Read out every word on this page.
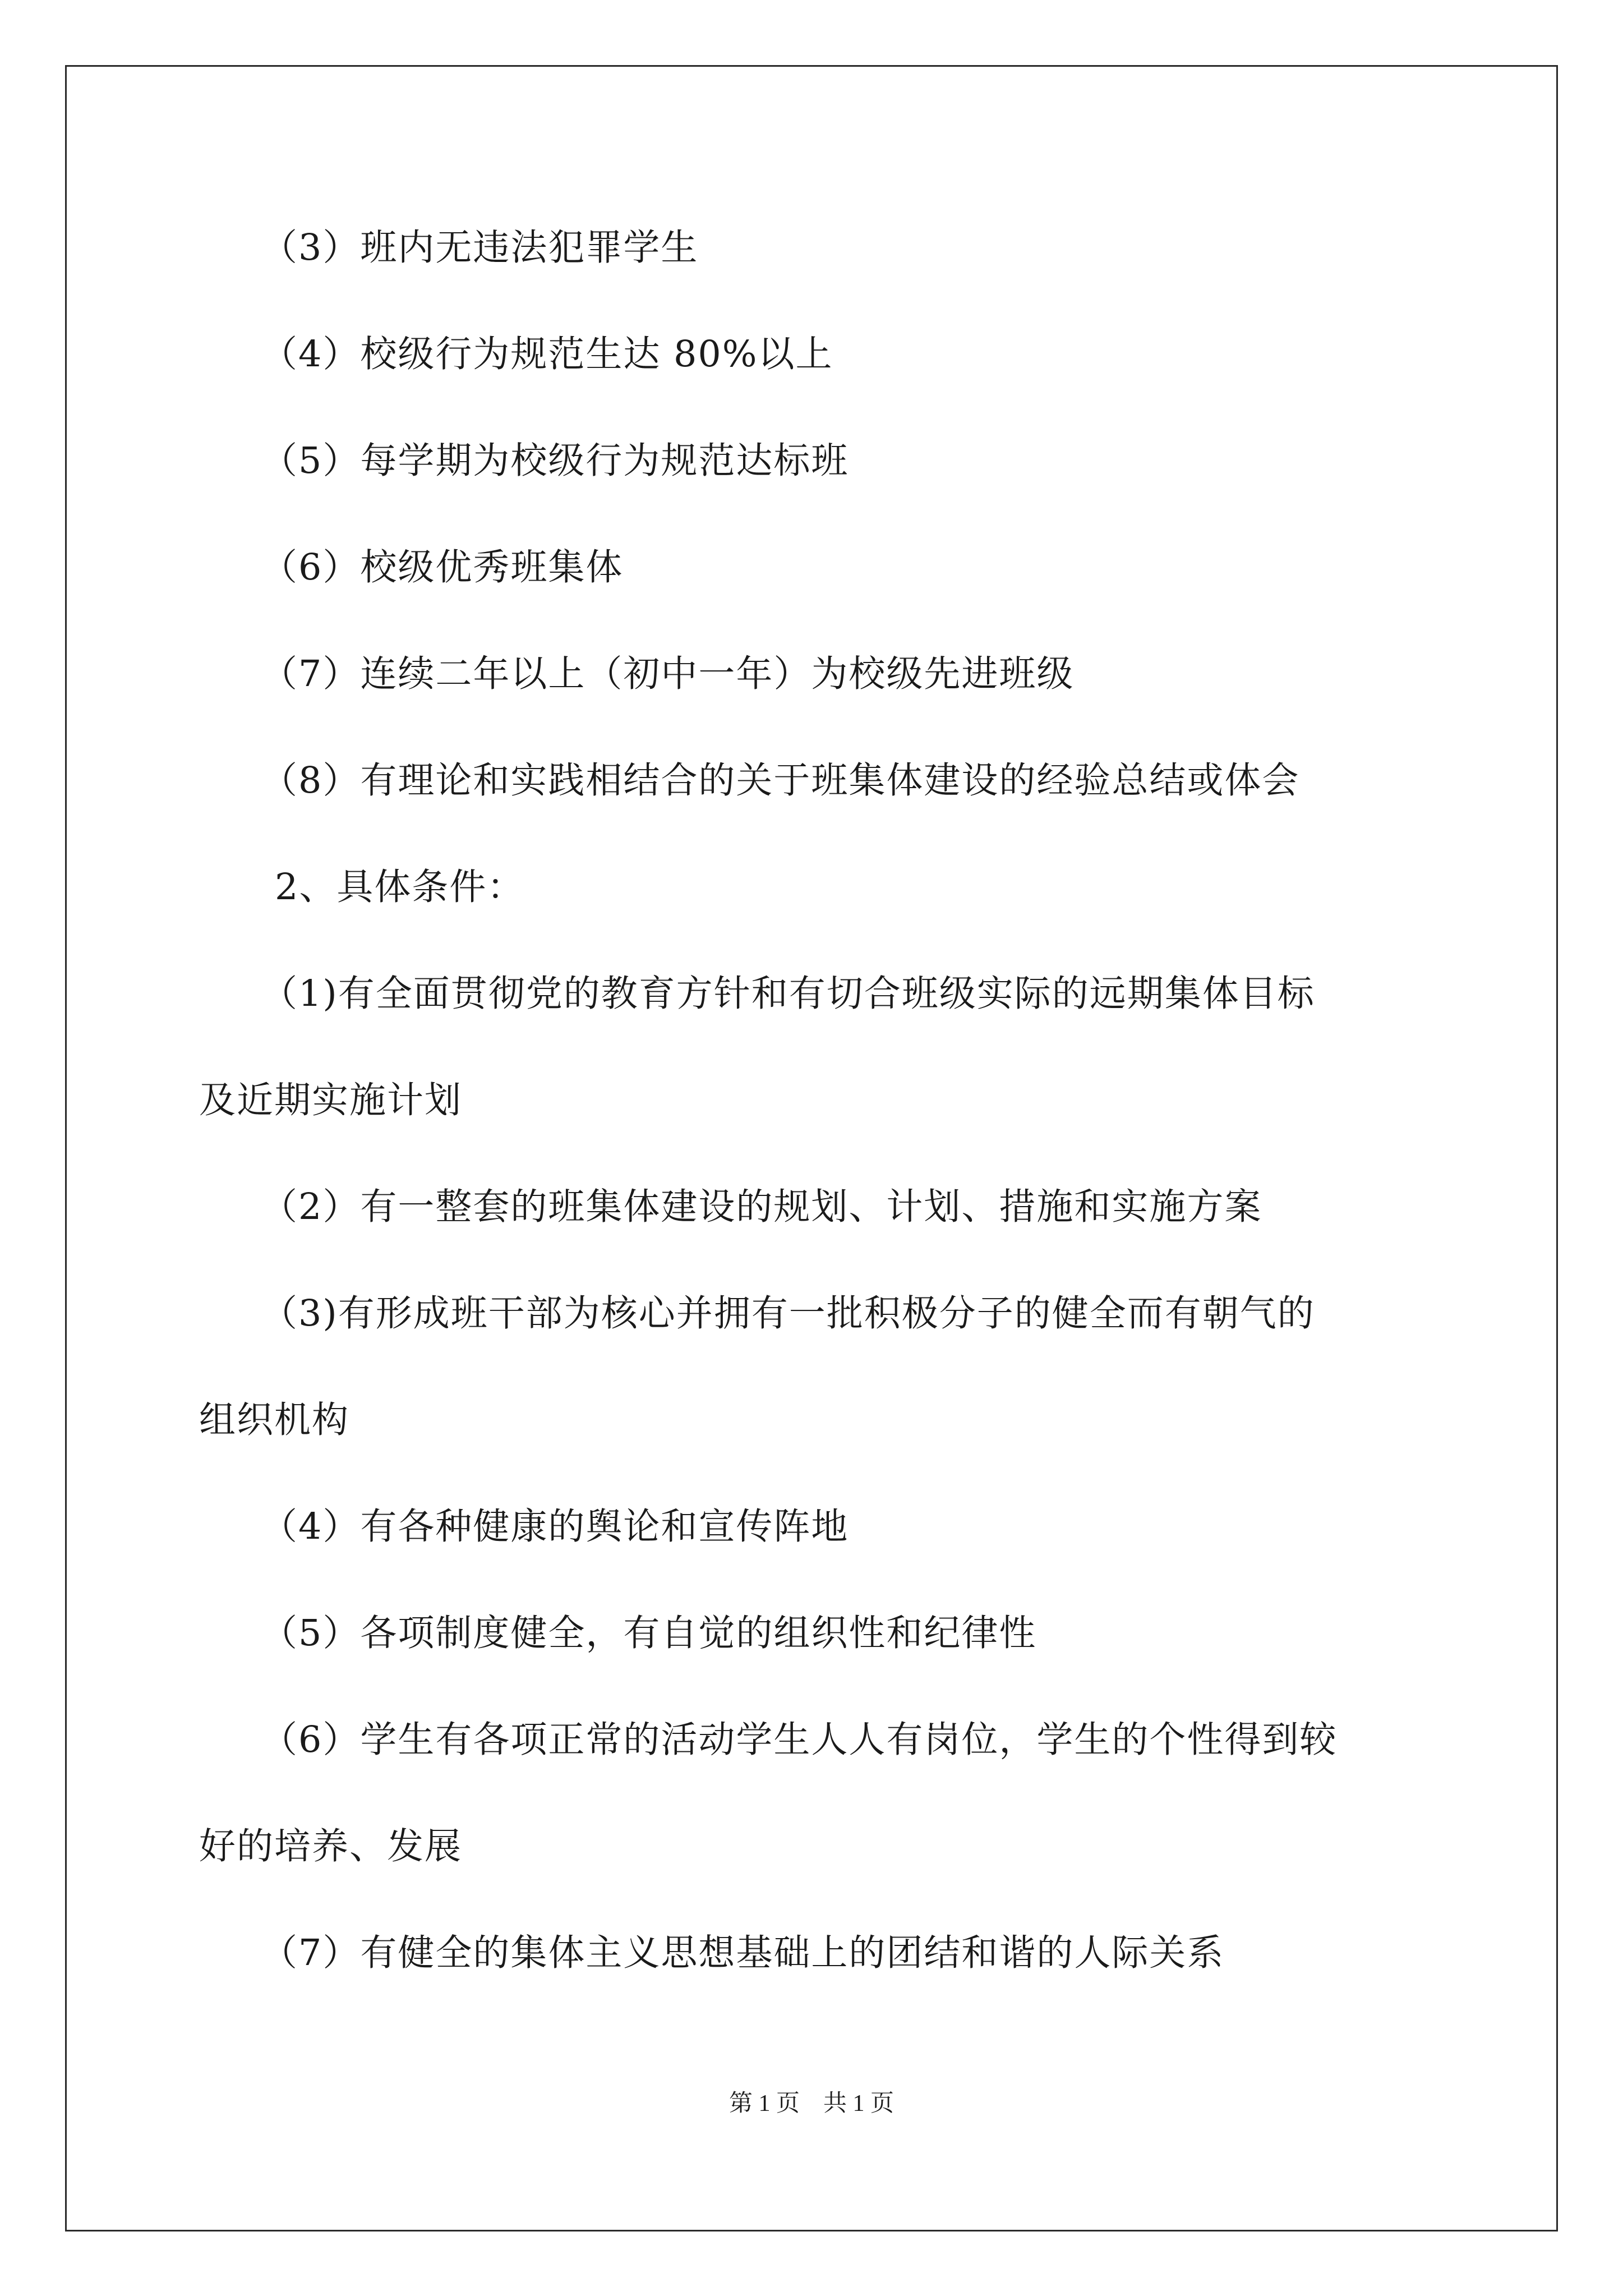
（3）班内无违法犯罪学生
（4）校级行为规范生达 80%以上
（5）每学期为校级行为规范达标班
（6）校级优秀班集体
（7）连续二年以上（初中一年）为校级先进班级
（8）有理论和实践相结合的关于班集体建设的经验总结或体会
2、具体条件：
（1)有全面贯彻党的教育方针和有切合班级实际的远期集体目标
及近期实施计划
（2）有一整套的班集体建设的规划、计划、措施和实施方案
（3)有形成班干部为核心并拥有一批积极分子的健全而有朝气的
组织机构
（4）有各种健康的舆论和宣传阵地
（5）各项制度健全，有自觉的组织性和纪律性
（6）学生有各项正常的活动学生人人有岗位，学生的个性得到较
好的培养、发展
（7）有健全的集体主义思想基础上的团结和谐的人际关系
第 1 页　共 1 页
